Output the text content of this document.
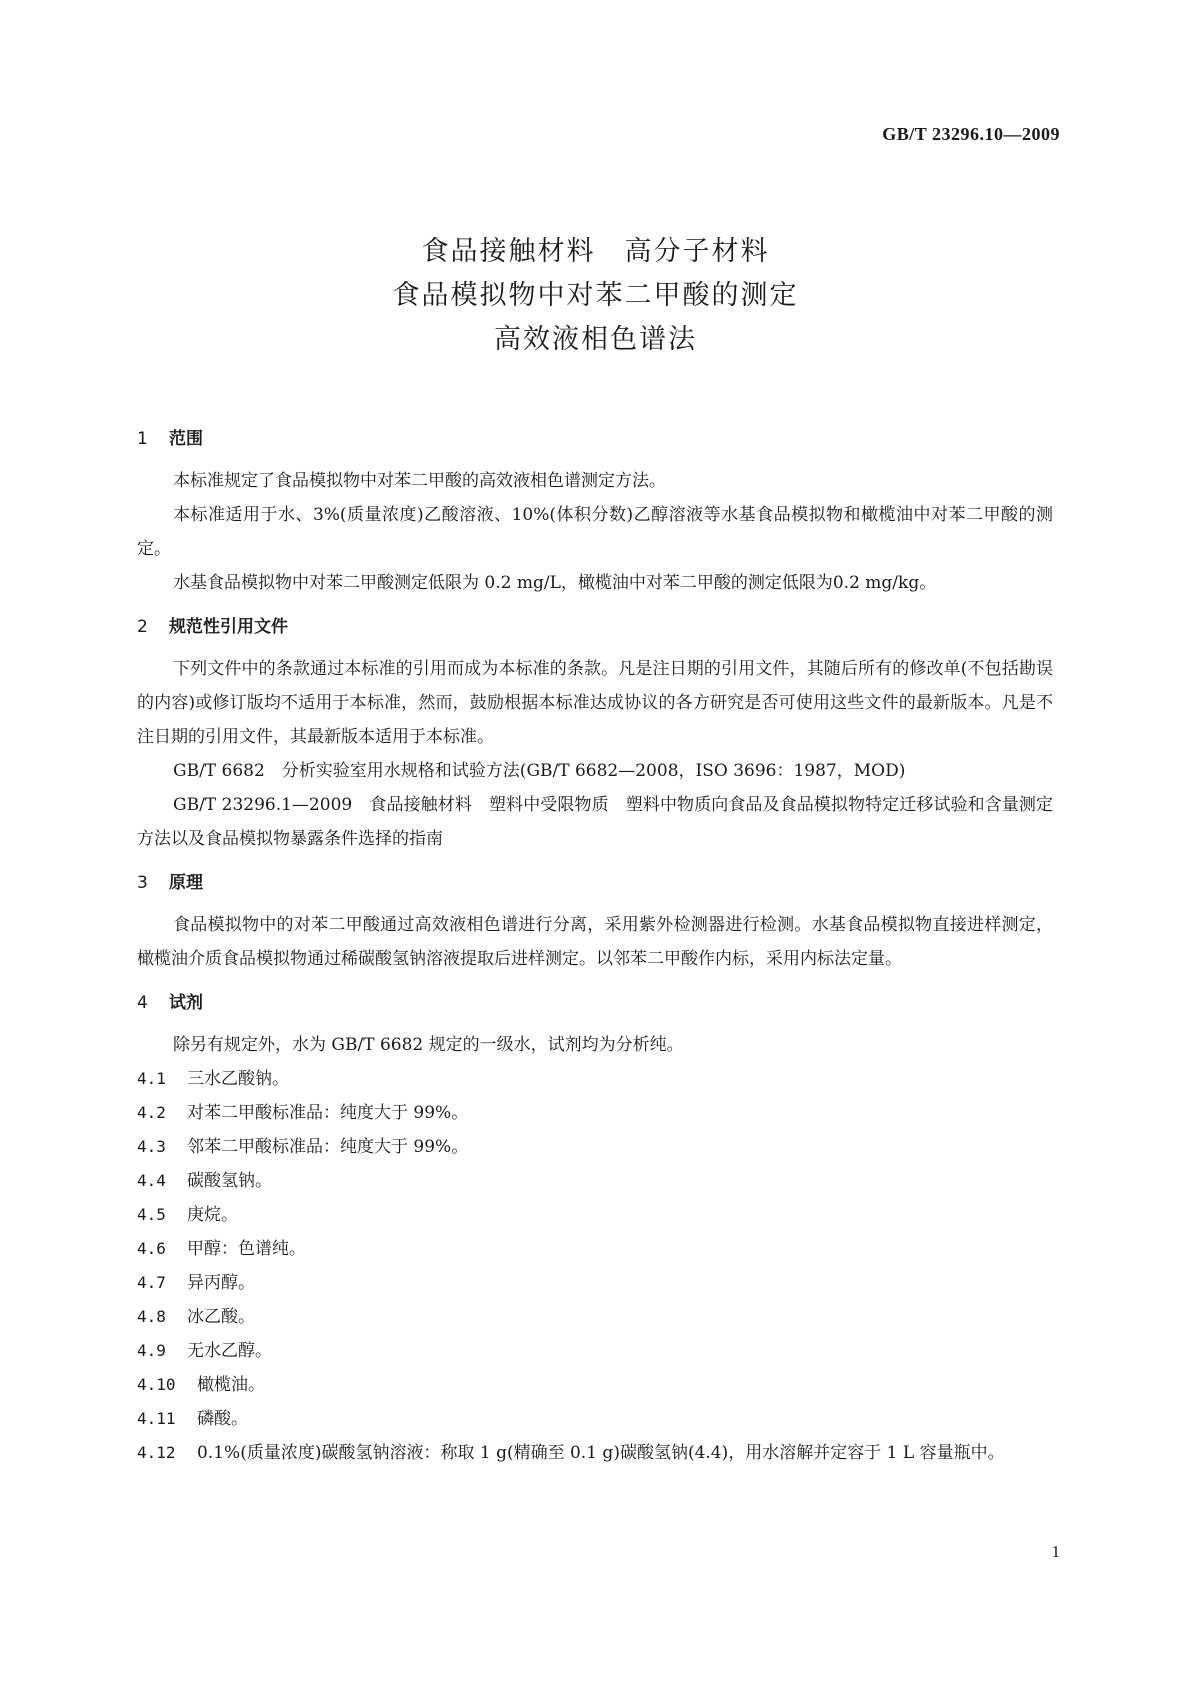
GB/T 23296.10—2009
食品接触材料　高分子材料
食品模拟物中对苯二甲酸的测定
高效液相色谱法
1 范围

本标准规定了食品模拟物中对苯二甲酸的高效液相色谱测定方法。

本标准适用于水、3%(质量浓度)乙酸溶液、10%(体积分数)乙醇溶液等水基食品模拟物和橄榄油中对苯二甲酸的测定。

水基食品模拟物中对苯二甲酸测定低限为 0.2 mg/L，橄榄油中对苯二甲酸的测定低限为0.2 mg/kg。

2 规范性引用文件

下列文件中的条款通过本标准的引用而成为本标准的条款。凡是注日期的引用文件，其随后所有的修改单(不包括勘误的内容)或修订版均不适用于本标准，然而，鼓励根据本标准达成协议的各方研究是否可使用这些文件的最新版本。凡是不注日期的引用文件，其最新版本适用于本标准。

GB/T 6682　分析实验室用水规格和试验方法(GB/T 6682—2008，ISO 3696：1987，MOD)

GB/T 23296.1—2009　食品接触材料　塑料中受限物质　塑料中物质向食品及食品模拟物特定迁移试验和含量测定方法以及食品模拟物暴露条件选择的指南

3 原理

食品模拟物中的对苯二甲酸通过高效液相色谱进行分离，采用紫外检测器进行检测。水基食品模拟物直接进样测定，橄榄油介质食品模拟物通过稀碳酸氢钠溶液提取后进样测定。以邻苯二甲酸作内标，采用内标法定量。

4 试剂

除另有规定外，水为 GB/T 6682 规定的一级水，试剂均为分析纯。

4.1 三水乙酸钠。

4.2 对苯二甲酸标准品：纯度大于 99%。

4.3 邻苯二甲酸标准品：纯度大于 99%。

4.4 碳酸氢钠。

4.5 庚烷。

4.6 甲醇：色谱纯。

4.7 异丙醇。

4.8 冰乙酸。

4.9 无水乙醇。

4.10 橄榄油。

4.11 磷酸。

4.12 0.1%(质量浓度)碳酸氢钠溶液：称取 1 g(精确至 0.1 g)碳酸氢钠(4.4)，用水溶解并定容于 1 L 容量瓶中。

1
